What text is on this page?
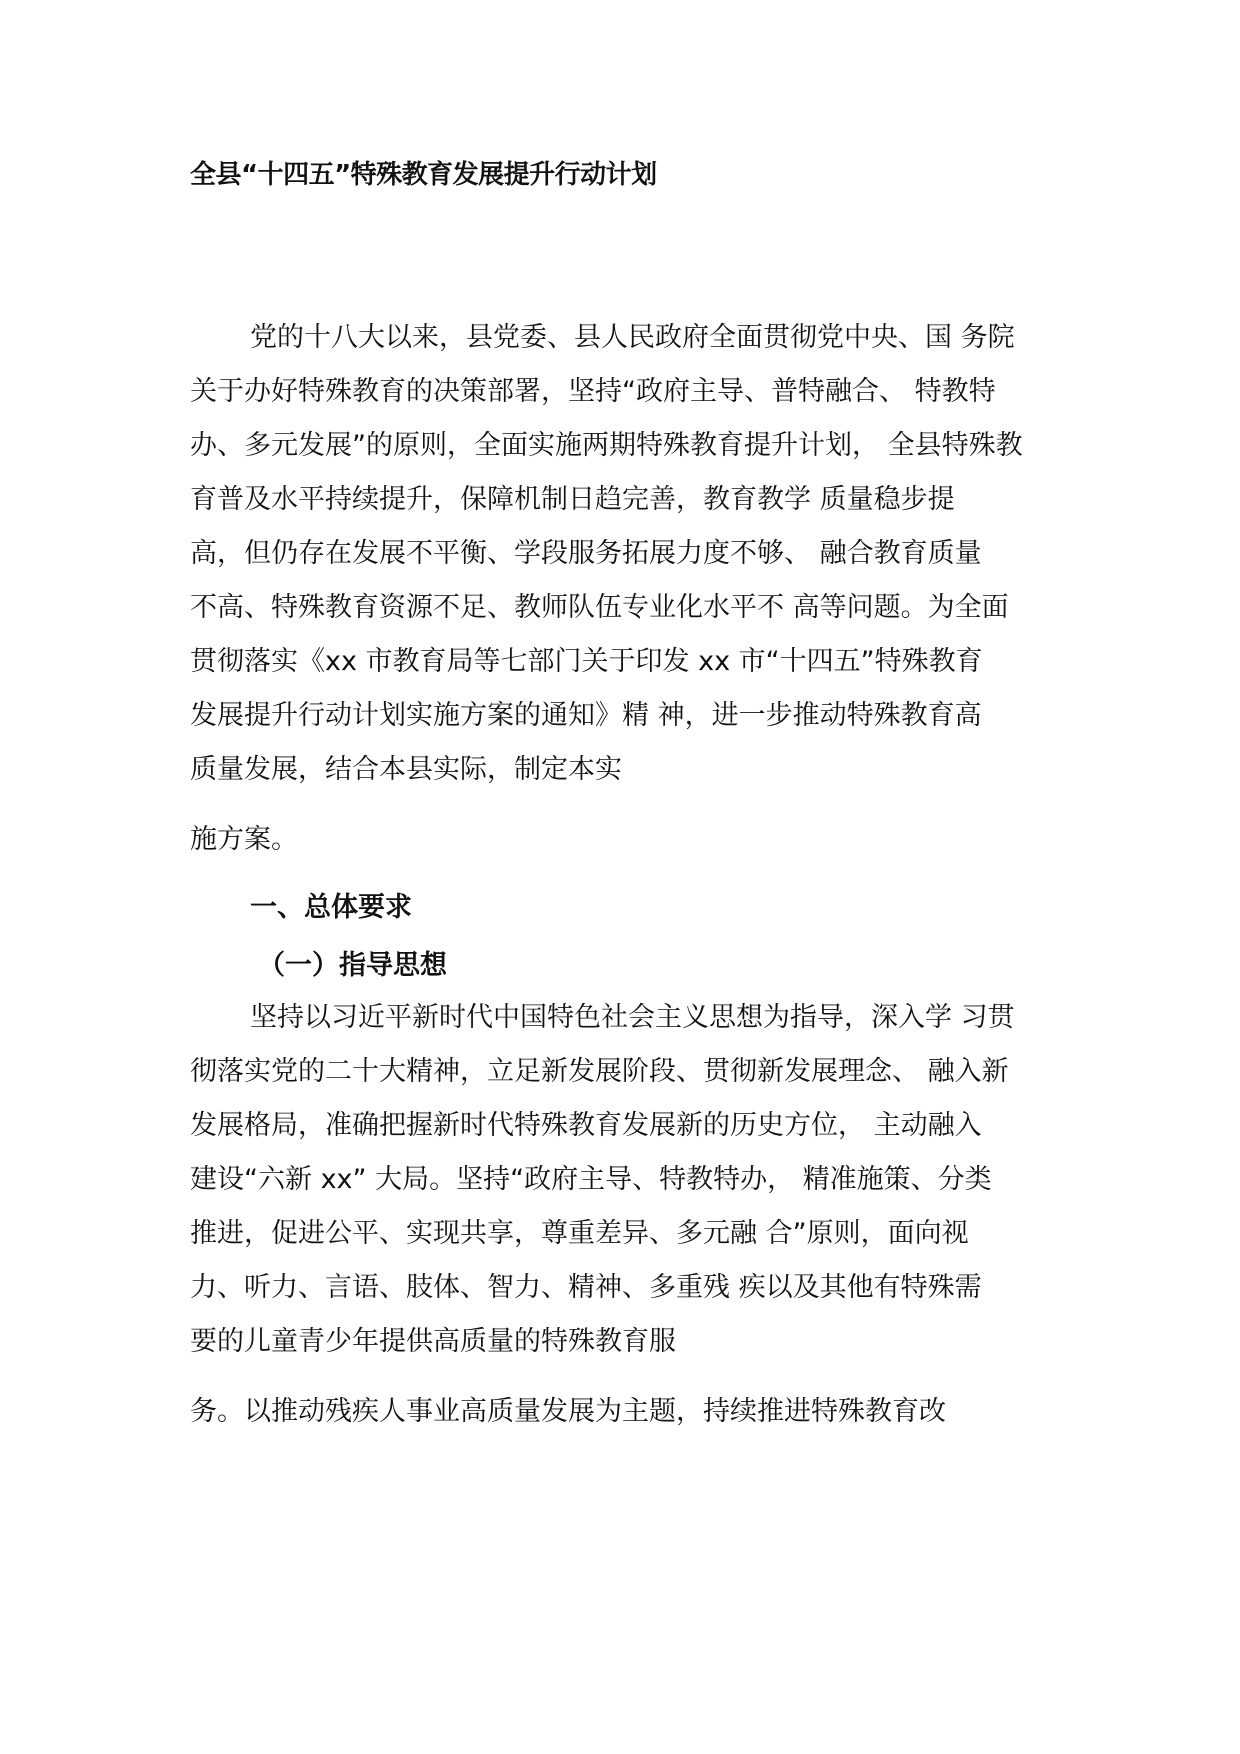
全县“十四五”特殊教育发展提升行动计划
党的十八大以来，县党委、县人民政府全面贯彻党中央、国 务院
关于办好特殊教育的决策部署，坚持“政府主导、普特融合、 特教特
办、多元发展”的原则，全面实施两期特殊教育提升计划， 全县特殊教
育普及水平持续提升，保障机制日趋完善，教育教学 质量稳步提
高，但仍存在发展不平衡、学段服务拓展力度不够、 融合教育质量
不高、特殊教育资源不足、教师队伍专业化水平不 高等问题。为全面
贯彻落实《xx 市教育局等七部门关于印发 xx 市“十四五”特殊教育
发展提升行动计划实施方案的通知》精 神，进一步推动特殊教育高
质量发展，结合本县实际，制定本实
施方案。
一、总体要求
（一）指导思想
坚持以习近平新时代中国特色社会主义思想为指导，深入学 习贯
彻落实党的二十大精神，立足新发展阶段、贯彻新发展理念、 融入新
发展格局，准确把握新时代特殊教育发展新的历史方位， 主动融入
建设“六新 xx” 大局。坚持“政府主导、特教特办， 精准施策、分类
推进，促进公平、实现共享，尊重差异、多元融 合”原则，面向视
力、听力、言语、肢体、智力、精神、多重残 疾以及其他有特殊需
要的儿童青少年提供高质量的特殊教育服
务。以推动残疾人事业高质量发展为主题，持续推进特殊教育改
